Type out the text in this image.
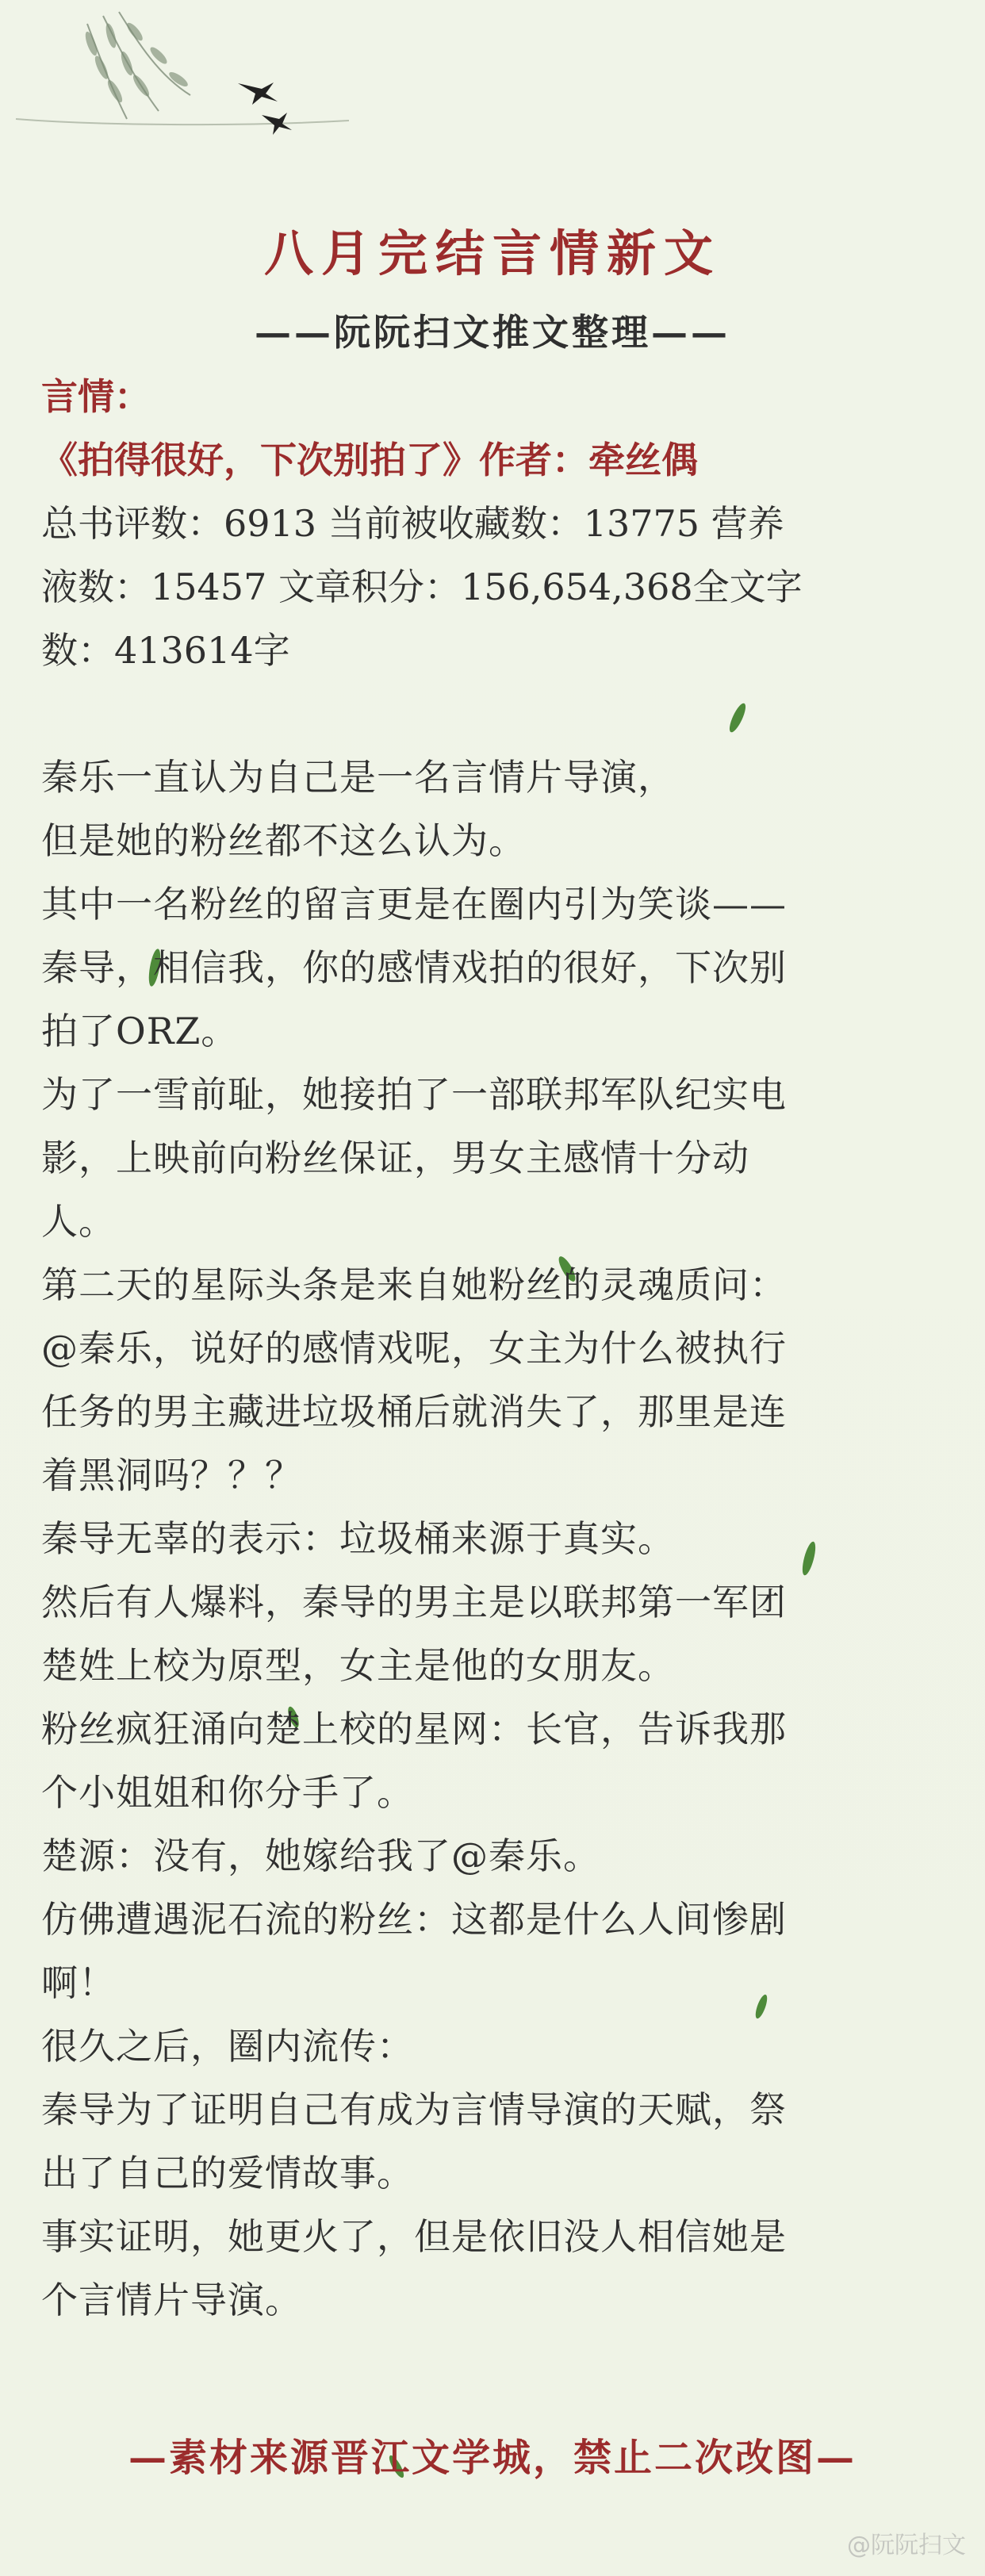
八月完结言情新文
——阮阮扫文推文整理——
言情：
《拍得很好，下次别拍了》作者：牵丝偶
总书评数：6913 当前被收藏数：13775 营养
液数：15457 文章积分：156,654,368全文字
数：413614字
秦乐一直认为自己是一名言情片导演，
但是她的粉丝都不这么认为。
其中一名粉丝的留言更是在圈内引为笑谈——
秦导，相信我，你的感情戏拍的很好，下次别
拍了ORZ。
为了一雪前耻，她接拍了一部联邦军队纪实电
影，上映前向粉丝保证，男女主感情十分动
人。
第二天的星际头条是来自她粉丝的灵魂质问：
@秦乐，说好的感情戏呢，女主为什么被执行
任务的男主藏进垃圾桶后就消失了，那里是连
着黑洞吗？？？
秦导无辜的表示：垃圾桶来源于真实。
然后有人爆料，秦导的男主是以联邦第一军团
楚姓上校为原型，女主是他的女朋友。
粉丝疯狂涌向楚上校的星网：长官，告诉我那
个小姐姐和你分手了。
楚源：没有，她嫁给我了@秦乐。
仿佛遭遇泥石流的粉丝：这都是什么人间惨剧
啊！
很久之后，圈内流传：
秦导为了证明自己有成为言情导演的天赋，祭
出了自己的爱情故事。
事实证明，她更火了，但是依旧没人相信她是
个言情片导演。
—素材来源晋江文学城，禁止二次改图—
@阮阮扫文
